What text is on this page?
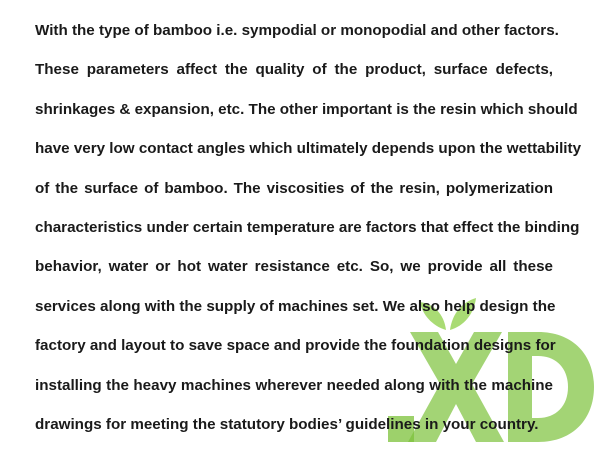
.XD
With the type of bamboo i.e. sympodial or monopodial and other factors.
These parameters affect the quality of the product, surface defects,
shrinkages & expansion, etc. The other important is the resin which should
have very low contact angles which ultimately depends upon the wettability
of the surface of bamboo. The viscosities of the resin, polymerization
characteristics under certain temperature are factors that effect the binding
behavior, water or hot water resistance etc. So, we provide all these
services along with the supply of machines set. We also help design the
factory and layout to save space and provide the foundation designs for
installing the heavy machines wherever needed along with the machine
drawings for meeting the statutory bodies’ guidelines in your country.
